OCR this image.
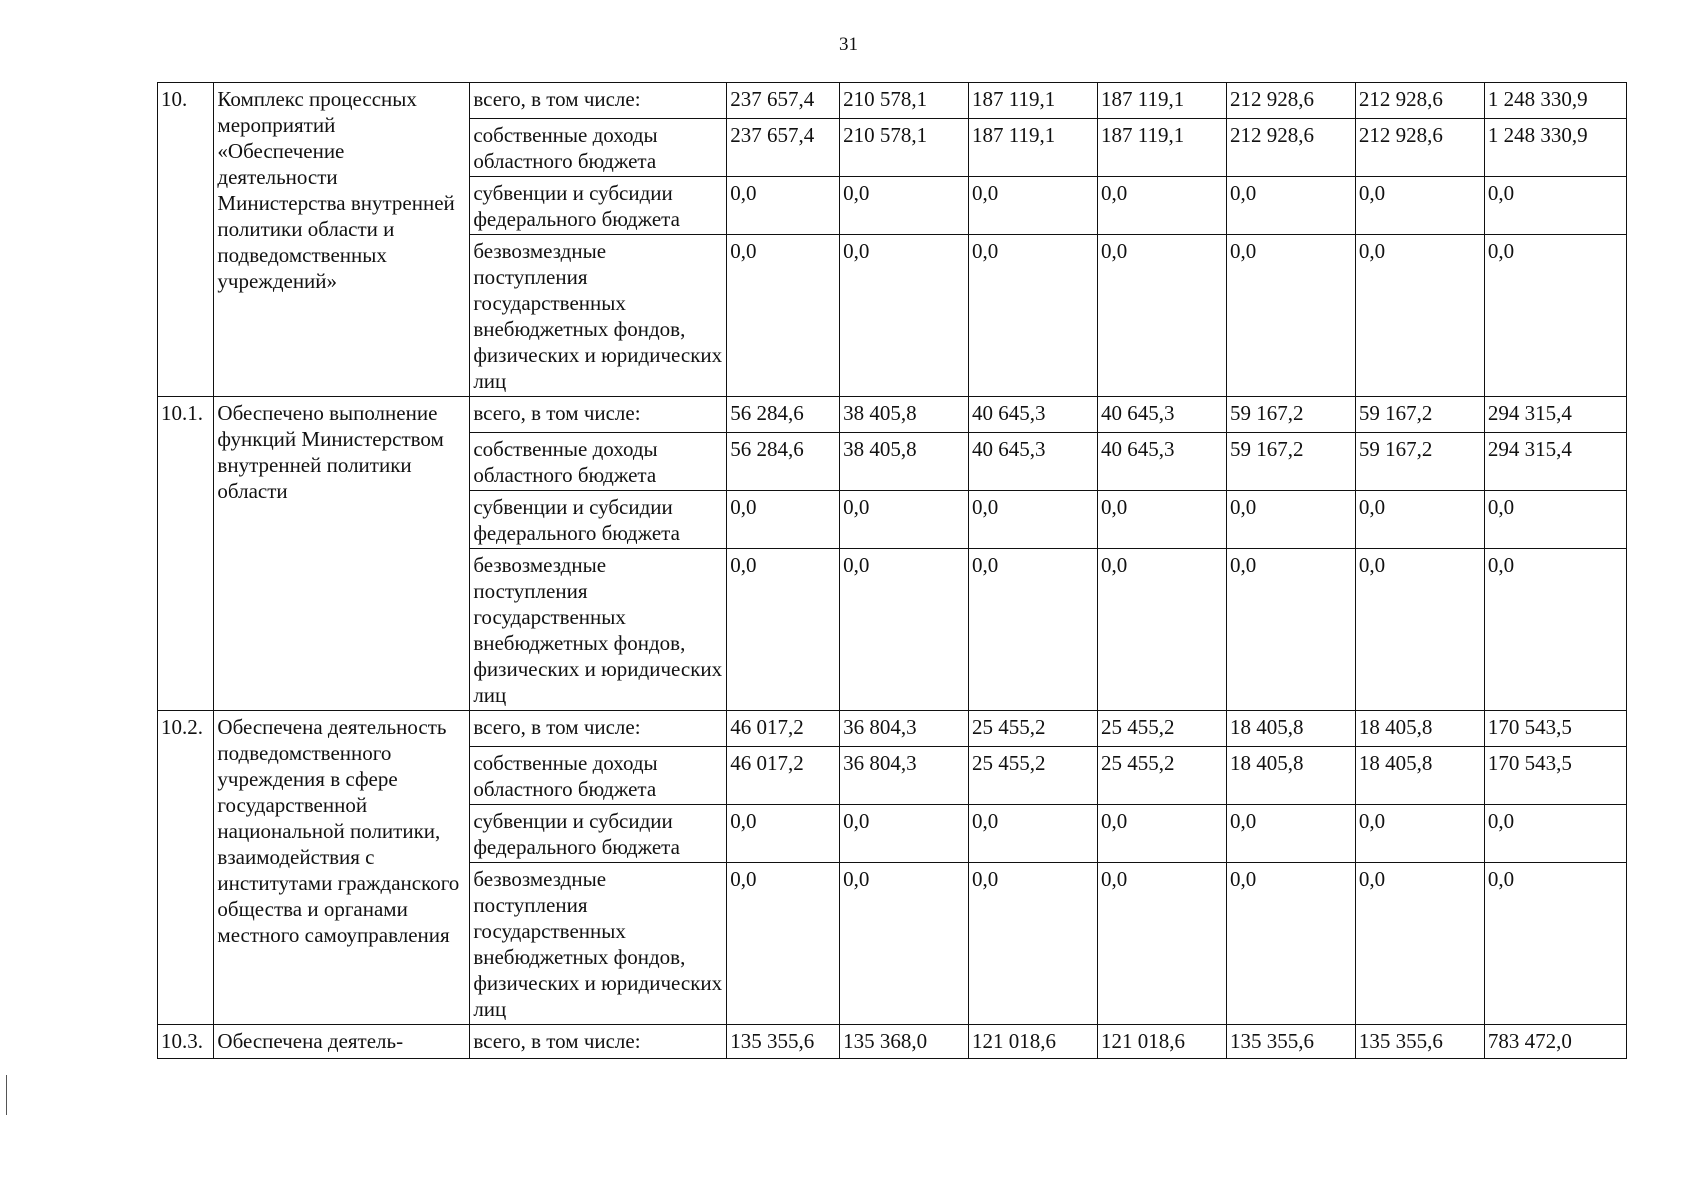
31
10.	Комплекс процессных мероприятий «Обеспечение деятельности Министерства внутренней политики области и подведомственных учреждений»	всего, в том числе:	237 657,4	210 578,1	187 119,1	187 119,1	212 928,6	212 928,6	1 248 330,9
		собственные доходы областного бюджета	237 657,4	210 578,1	187 119,1	187 119,1	212 928,6	212 928,6	1 248 330,9
		субвенции и субсидии федерального бюджета	0,0	0,0	0,0	0,0	0,0	0,0	0,0
		безвозмездные поступления государственных внебюджетных фондов, физических и юридических лиц	0,0	0,0	0,0	0,0	0,0	0,0	0,0
10.1.	Обеспечено выполнение функций Министерством внутренней политики области	всего, в том числе:	56 284,6	38 405,8	40 645,3	40 645,3	59 167,2	59 167,2	294 315,4
		собственные доходы областного бюджета	56 284,6	38 405,8	40 645,3	40 645,3	59 167,2	59 167,2	294 315,4
		субвенции и субсидии федерального бюджета	0,0	0,0	0,0	0,0	0,0	0,0	0,0
		безвозмездные поступления государственных внебюджетных фондов, физических и юридических лиц	0,0	0,0	0,0	0,0	0,0	0,0	0,0
10.2.	Обеспечена деятельность подведомственного учреждения в сфере государственной национальной политики, взаимодействия с институтами гражданского общества и органами местного самоуправления	всего, в том числе:	46 017,2	36 804,3	25 455,2	25 455,2	18 405,8	18 405,8	170 543,5
		собственные доходы областного бюджета	46 017,2	36 804,3	25 455,2	25 455,2	18 405,8	18 405,8	170 543,5
		субвенции и субсидии федерального бюджета	0,0	0,0	0,0	0,0	0,0	0,0	0,0
		безвозмездные поступления государственных внебюджетных фондов, физических и юридических лиц	0,0	0,0	0,0	0,0	0,0	0,0	0,0
10.3.	Обеспечена деятель-	всего, в том числе:	135 355,6	135 368,0	121 018,6	121 018,6	135 355,6	135 355,6	783 472,0
